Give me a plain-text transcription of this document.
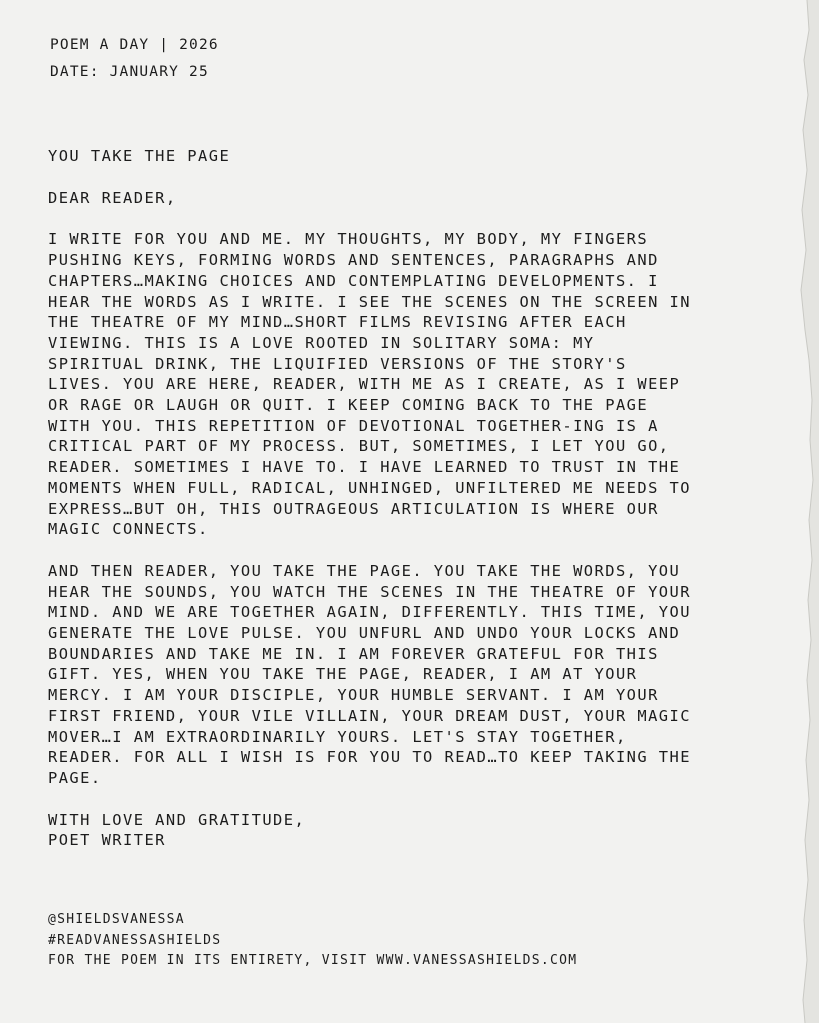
POEM A DAY | 2026
DATE: JANUARY 25
YOU TAKE THE PAGE
DEAR READER,
I WRITE FOR YOU AND ME. MY THOUGHTS, MY BODY, MY FINGERS
PUSHING KEYS, FORMING WORDS AND SENTENCES, PARAGRAPHS AND
CHAPTERS…MAKING CHOICES AND CONTEMPLATING DEVELOPMENTS. I
HEAR THE WORDS AS I WRITE. I SEE THE SCENES ON THE SCREEN IN
THE THEATRE OF MY MIND…SHORT FILMS REVISING AFTER EACH
VIEWING. THIS IS A LOVE ROOTED IN SOLITARY SOMA: MY
SPIRITUAL DRINK, THE LIQUIFIED VERSIONS OF THE STORY'S
LIVES. YOU ARE HERE, READER, WITH ME AS I CREATE, AS I WEEP
OR RAGE OR LAUGH OR QUIT. I KEEP COMING BACK TO THE PAGE
WITH YOU. THIS REPETITION OF DEVOTIONAL TOGETHER-ING IS A
CRITICAL PART OF MY PROCESS. BUT, SOMETIMES, I LET YOU GO,
READER. SOMETIMES I HAVE TO. I HAVE LEARNED TO TRUST IN THE
MOMENTS WHEN FULL, RADICAL, UNHINGED, UNFILTERED ME NEEDS TO
EXPRESS…BUT OH, THIS OUTRAGEOUS ARTICULATION IS WHERE OUR
MAGIC CONNECTS.
AND THEN READER, YOU TAKE THE PAGE. YOU TAKE THE WORDS, YOU
HEAR THE SOUNDS, YOU WATCH THE SCENES IN THE THEATRE OF YOUR
MIND. AND WE ARE TOGETHER AGAIN, DIFFERENTLY. THIS TIME, YOU
GENERATE THE LOVE PULSE. YOU UNFURL AND UNDO YOUR LOCKS AND
BOUNDARIES AND TAKE ME IN. I AM FOREVER GRATEFUL FOR THIS
GIFT. YES, WHEN YOU TAKE THE PAGE, READER, I AM AT YOUR
MERCY. I AM YOUR DISCIPLE, YOUR HUMBLE SERVANT. I AM YOUR
FIRST FRIEND, YOUR VILE VILLAIN, YOUR DREAM DUST, YOUR MAGIC
MOVER…I AM EXTRAORDINARILY YOURS. LET'S STAY TOGETHER,
READER. FOR ALL I WISH IS FOR YOU TO READ…TO KEEP TAKING THE
PAGE.
WITH LOVE AND GRATITUDE,
POET WRITER
@SHIELDSVANESSA
#READVANESSASHIELDS
FOR THE POEM IN ITS ENTIRETY, VISIT WWW.VANESSASHIELDS.COM
